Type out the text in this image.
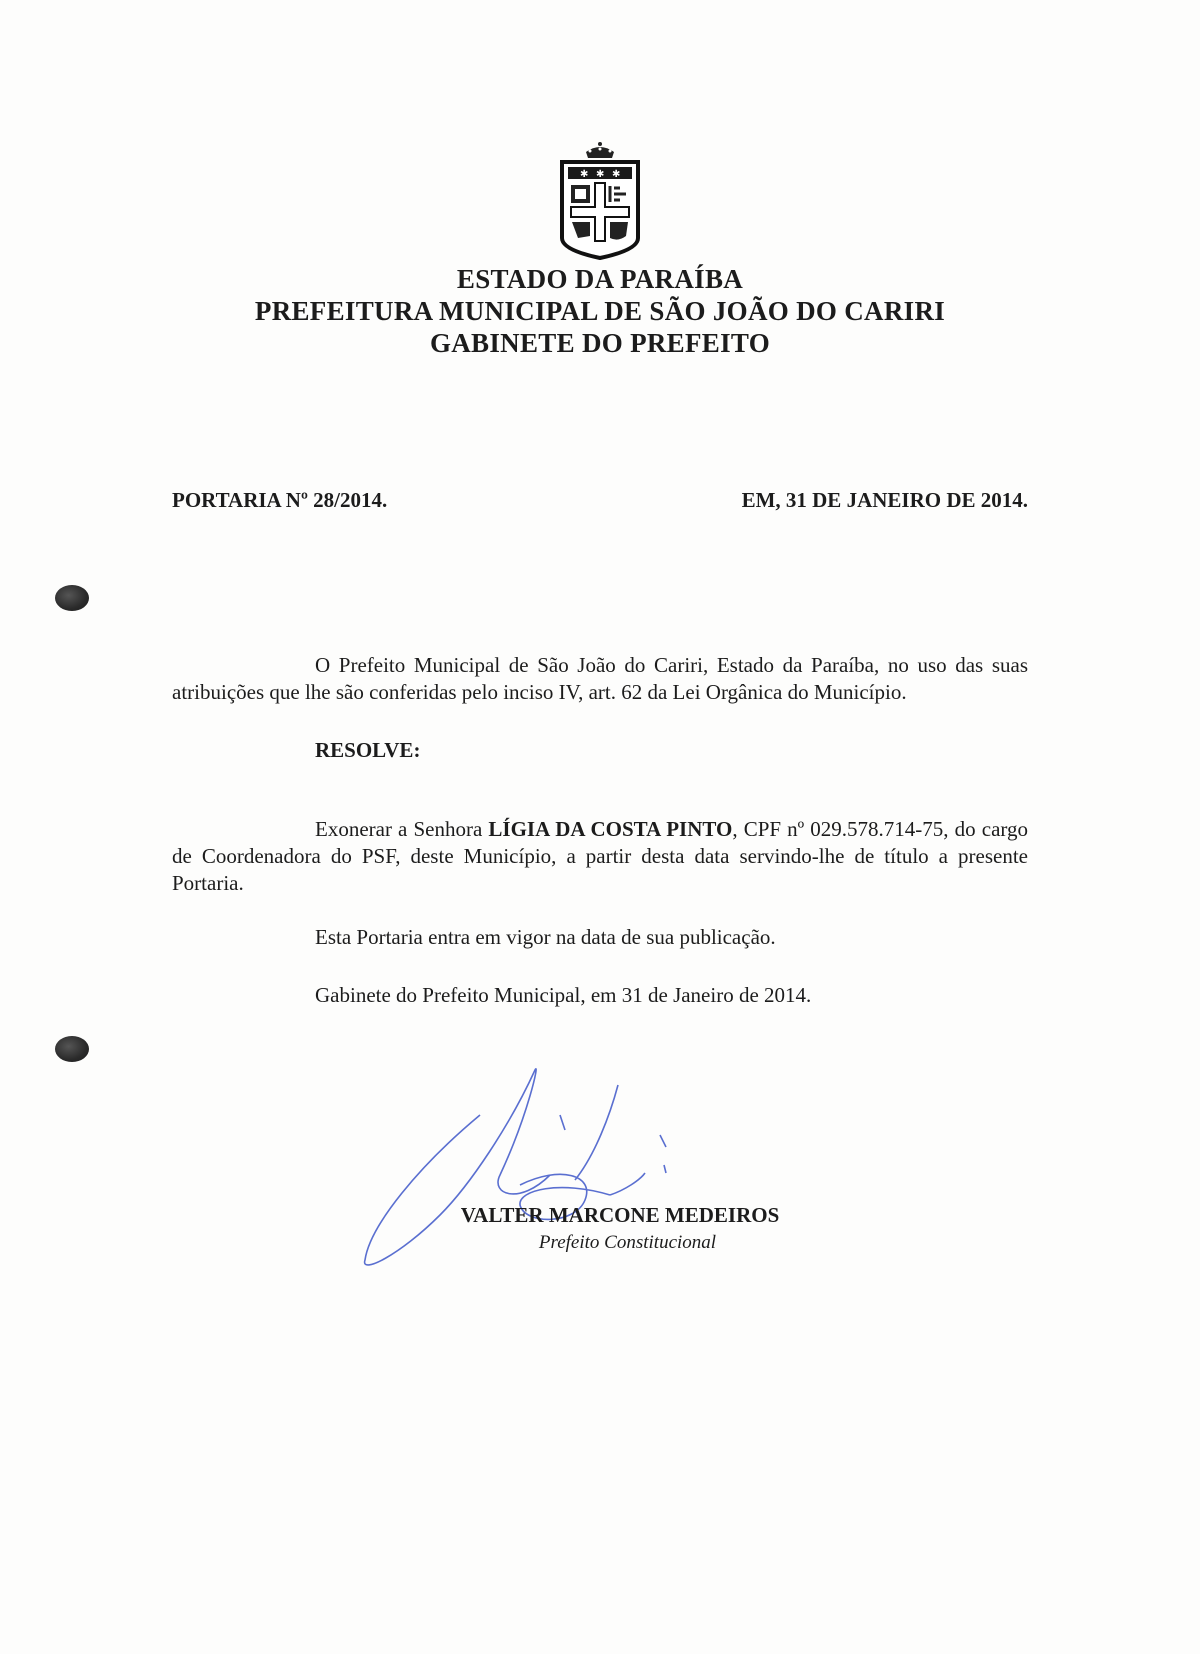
✱ ✱ ✱
ESTADO DA PARAÍBA
PREFEITURA MUNICIPAL DE SÃO JOÃO DO CARIRI
GABINETE DO PREFEITO
PORTARIA Nº 28/2014.	EM, 31 DE JANEIRO DE 2014.
O Prefeito Municipal de São João do Cariri, Estado da Paraíba, no uso das suas atribuições que lhe são conferidas pelo inciso IV, art. 62 da Lei Orgânica do Município.
RESOLVE:
Exonerar a Senhora LÍGIA DA COSTA PINTO, CPF nº 029.578.714-75, do cargo de Coordenadora do PSF, deste Município, a partir desta data servindo-lhe de título a presente Portaria.
Esta Portaria entra em vigor na data de sua publicação.
Gabinete do Prefeito Municipal, em 31 de Janeiro de 2014.
VALTER MARCONE MEDEIROS
Prefeito Constitucional
